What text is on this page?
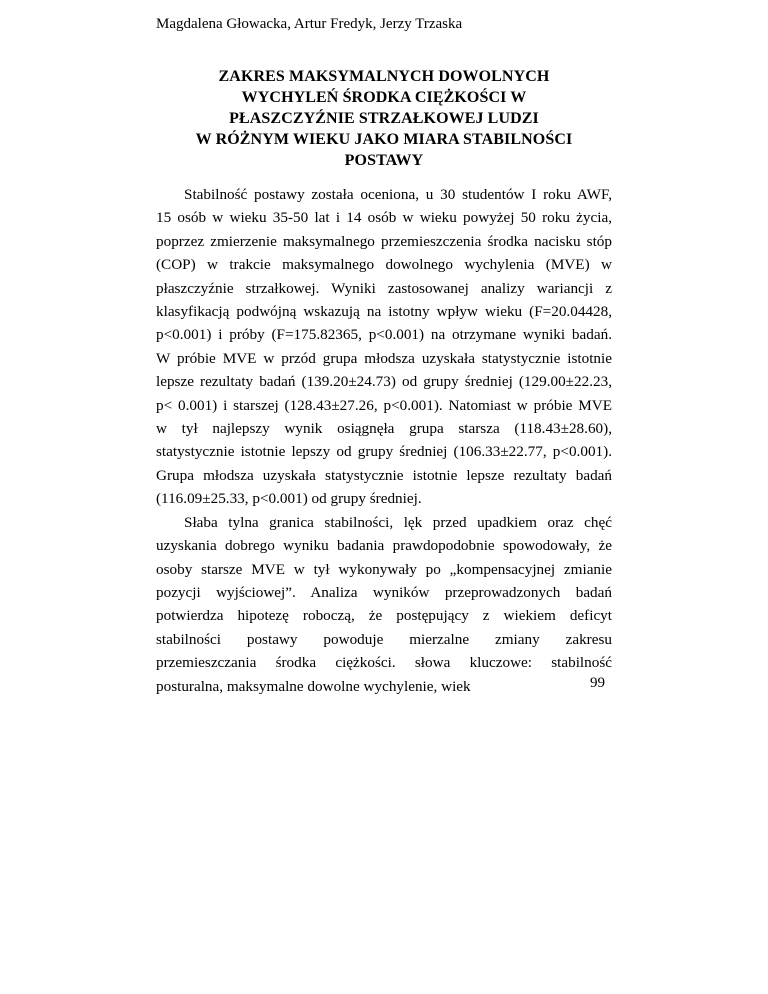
Magdalena Głowacka, Artur Fredyk, Jerzy Trzaska
ZAKRES MAKSYMALNYCH DOWOLNYCH
WYCHYLEŃ ŚRODKA CIĘŻKOŚCI W
PŁASZCZYŹNIE STRZAŁKOWEJ LUDZI
W RÓŻNYM WIEKU JAKO MIARA STABILNOŚCI
POSTAWY
Stabilność postawy została oceniona, u 30 studentów I roku AWF,
15 osób w wieku 35-50 lat i 14 osób w wieku powyżej 50 roku życia,
poprzez zmierzenie maksymalnego przemieszczenia środka nacisku stóp
(COP) w trakcie maksymalnego dowolnego wychylenia (MVE) w
płaszczyźnie strzałkowej. Wyniki zastosowanej analizy wariancji z
klasyfikacją podwójną wskazują na istotny wpływ wieku (F=20.04428,
p<0.001) i próby (F=175.82365, p<0.001) na otrzymane wyniki badań.
W próbie MVE w przód grupa młodsza uzyskała statystycznie istotnie
lepsze rezultaty badań (139.20±24.73) od grupy średniej (129.00±22.23,
p< 0.001) i starszej (128.43±27.26, p<0.001). Natomiast w próbie MVE
w tył najlepszy wynik osiągnęła grupa starsza (118.43±28.60),
statystycznie istotnie lepszy od grupy średniej (106.33±22.77, p<0.001).
Grupa młodsza uzyskała statystycznie istotnie lepsze rezultaty badań
(116.09±25.33, p<0.001) od grupy średniej.
Słaba tylna granica stabilności, lęk przed upadkiem oraz chęć
uzyskania dobrego wyniku badania prawdopodobnie spowodowały, że
osoby starsze MVE w tył wykonywały po „kompensacyjnej zmianie
pozycji wyjściowej”. Analiza wyników przeprowadzonych badań
potwierdza hipotezę roboczą, że postępujący z wiekiem deficyt
stabilności postawy powoduje mierzalne zmiany zakresu
przemieszczania środka ciężkości. słowa kluczowe: stabilność
posturalna, maksymalne dowolne wychylenie, wiek	99
